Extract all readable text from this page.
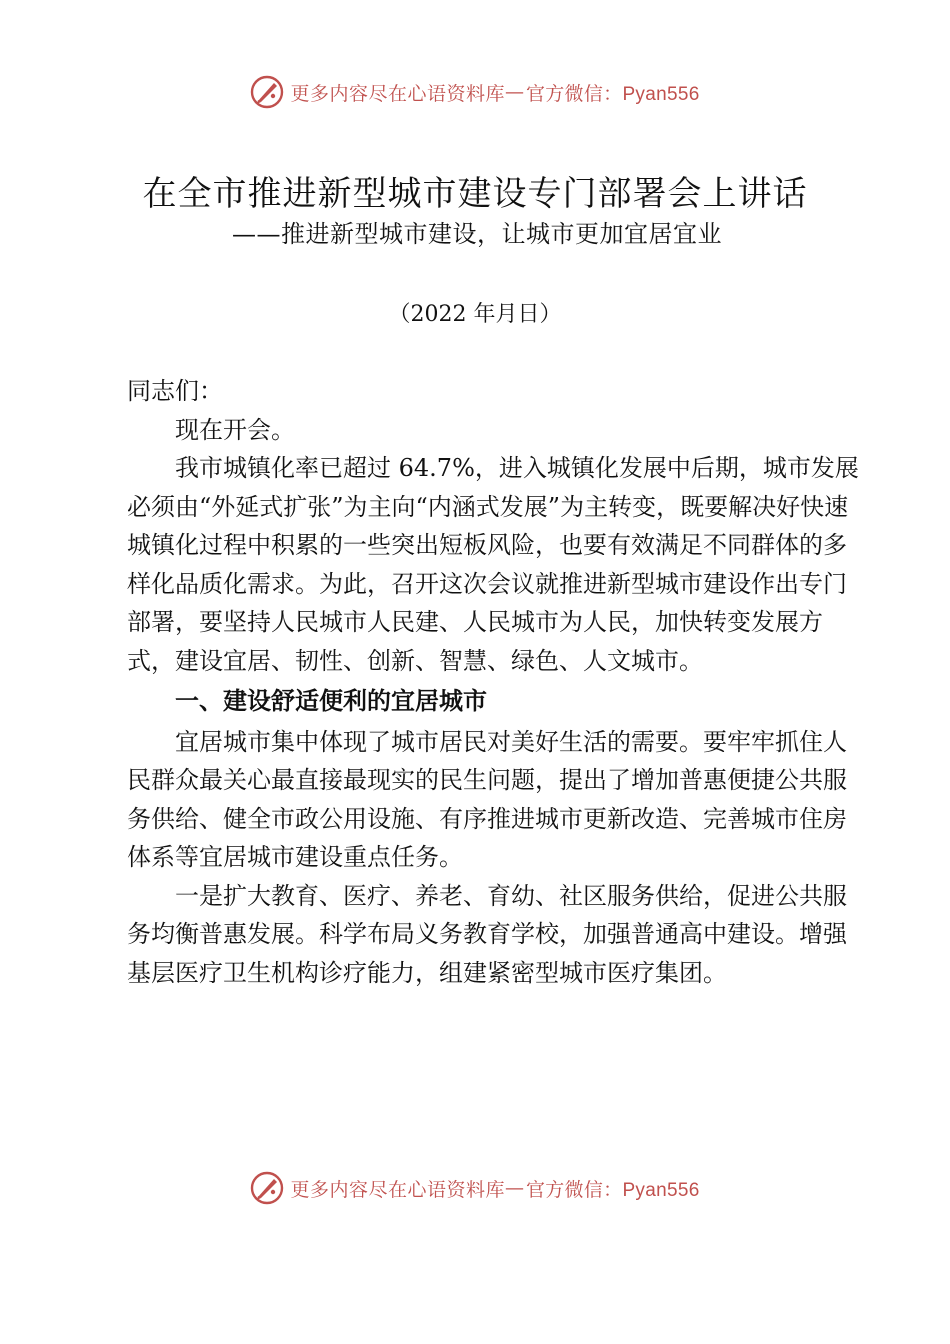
更多内容尽在心语资料库 — 官方微信：Pyan556
在全市推进新型城市建设专门部署会上讲话
——推进新型城市建设，让城市更加宜居宜业
（2022 年月日）

同志们：

现在开会。

我市城镇化率已超过 64.7%，进入城镇化发展中后期，城市发展必须由“外延式扩张”为主向“内涵式发展”为主转变，既要解决好快速城镇化过程中积累的一些突出短板风险，也要有效满足不同群体的多样化品质化需求。为此，召开这次会议就推进新型城市建设作出专门部署，要坚持人民城市人民建、人民城市为人民，加快转变发展方式，建设宜居、韧性、创新、智慧、绿色、人文城市。

一、建设舒适便利的宜居城市

宜居城市集中体现了城市居民对美好生活的需要。要牢牢抓住人民群众最关心最直接最现实的民生问题，提出了增加普惠便捷公共服务供给、健全市政公用设施、有序推进城市更新改造、完善城市住房体系等宜居城市建设重点任务。

一是扩大教育、医疗、养老、育幼、社区服务供给，促进公共服务均衡普惠发展。科学布局义务教育学校，加强普通高中建设。增强基层医疗卫生机构诊疗能力，组建紧密型城市医疗集团。

更多内容尽在心语资料库 — 官方微信：Pyan556
